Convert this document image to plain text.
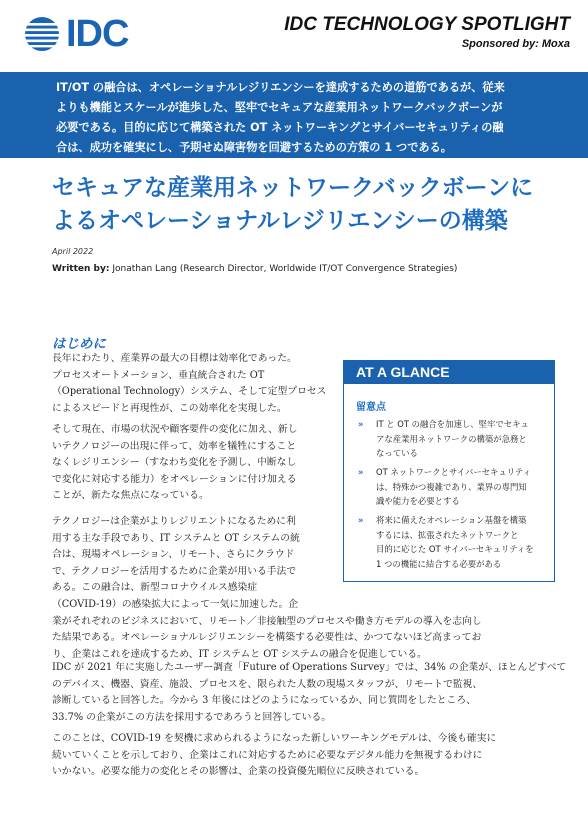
IDC	IDC TECHNOLOGY SPOTLIGHT
Sponsored by: Moxa
IT/OT の融合は、オペレーショナルレジリエンシーを達成するための道筋であるが、従来
よりも機能とスケールが進歩した、堅牢でセキュアな産業用ネットワークバックボーンが
必要である。目的に応じて構築された OT ネットワーキングとサイバーセキュリティの融
合は、成功を確実にし、予期せぬ障害物を回避するための方策の 1 つである。
セキュアな産業用ネットワークバックボーンに
よるオペレーショナルレジリエンシーの構築
April 2022
Written by: Jonathan Lang (Research Director, Worldwide IT/OT Convergence Strategies)
はじめに
長年にわたり、産業界の最大の目標は効率化であった。
プロセスオートメーション、垂直統合された OT
（Operational Technology）システム、そして定型プロセス
によるスピードと再現性が、この効率化を実現した。
そして現在、市場の状況や顧客要件の変化に加え、新し
いテクノロジーの出現に伴って、効率を犠牲にすること
なくレジリエンシー（すなわち変化を予測し、中断なし
で変化に対応する能力）をオペレーションに付け加える
ことが、新たな焦点になっている。
テクノロジーは企業がよりレジリエントになるために利
用する主な手段であり、IT システムと OT システムの統
合は、現場オペレーション、リモート、さらにクラウド
で、テクノロジーを活用するために企業が用いる手法で
ある。この融合は、新型コロナウイルス感染症
（COVID-19）の感染拡大によって一気に加速した。企
業がそれぞれのビジネスにおいて、リモート／非接触型のプロセスや働き方モデルの導入を志向し
た結果である。オペレーショナルレジリエンシーを構築する必要性は、かつてないほど高まってお
り、企業はこれを達成するため、IT システムと OT システムの融合を促進している。
IDC が 2021 年に実施したユーザー調査「Future of Operations Survey」では、34% の企業が、ほとんどすべて
のデバイス、機器、資産、施設、プロセスを、限られた人数の現場スタッフが、リモートで監視、
診断していると回答した。今から 3 年後にはどのようになっているか、同じ質問をしたところ、
33.7% の企業がこの方法を採用するであろうと回答している。
このことは、COVID-19 を契機に求められるようになった新しいワーキングモデルは、今後も確実に
続いていくことを示しており、企業はこれに対応するために必要なデジタル能力を無視するわけに
いかない。必要な能力の変化とその影響は、企業の投資優先順位に反映されている。
AT A GLANCE
留意点
» IT と OT の融合を加速し、堅牢でセキュ
アな産業用ネットワークの構築が急務と
なっている
» OT ネットワークとサイバーセキュリティ
は、特殊かつ複雑であり、業界の専門知
識や能力を必要とする
» 将来に備えたオペレーション基盤を構築
するには、拡張されたネットワークと
目的に応じた OT サイバーセキュリティを
1 つの機能に結合する必要がある
